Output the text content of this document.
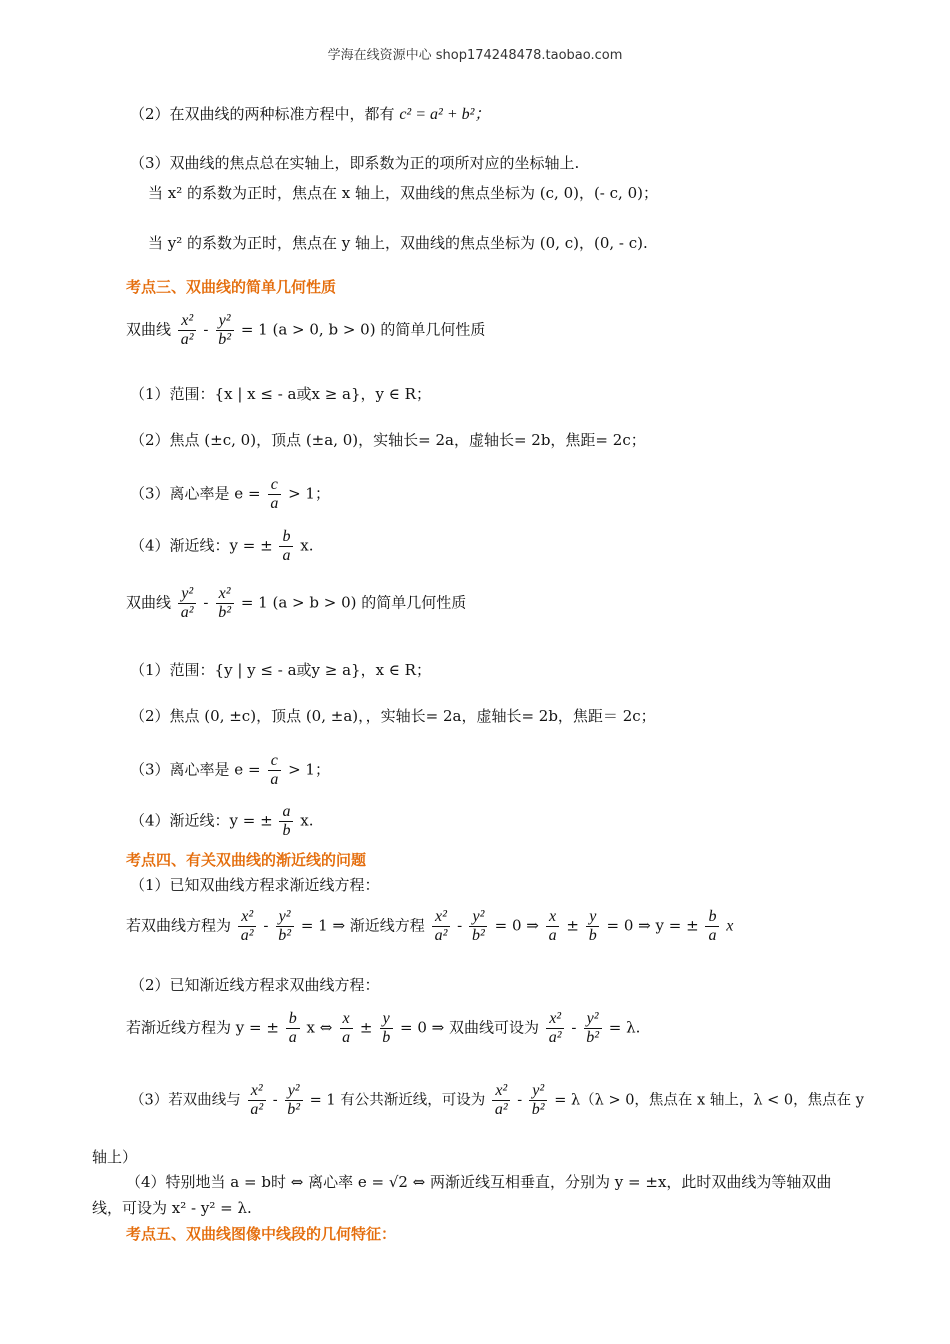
学海在线资源中心 shop174248478.taobao.com
（2）在双曲线的两种标准方程中，都有 c² = a² + b²；
（3）双曲线的焦点总在实轴上，即系数为正的项所对应的坐标轴上.
当 x² 的系数为正时，焦点在 x 轴上，双曲线的焦点坐标为 (c, 0)，(- c, 0)；
当 y² 的系数为正时，焦点在 y 轴上，双曲线的焦点坐标为 (0, c)，(0, - c).
考点三、双曲线的简单几何性质
双曲线 $\frac{\text{x²}}{\text{a²}} - \frac{\text{y²}}{\text{b²}} = 1$ (a > 0, b > 0) 的简单几何性质
（1）范围：{x | x ≤ - a或x ≥ a}，y ∈ R；
（2）焦点 (±c, 0)，顶点 (±a, 0)，实轴长= 2a，虚轴长= 2b，焦距= 2c；
（3）离心率是 $e = \frac{c}{a} > 1$；
（4）渐近线：y = ± $\frac{b}{a} x$.
双曲线 $\frac{\text{y²}}{\text{a²}} - \frac{\text{x²}}{\text{b²}} = 1$ (a > b > 0) 的简单几何性质
（1）范围：{y | y ≤ - a或y ≥ a}，x ∈ R；
（2）焦点 (0, ±c)，顶点 (0, ±a)，，实轴长= 2a，虚轴长= 2b，焦距＝ 2c；
（3）离心率是 $e = \frac{c}{a} > 1$；
（4）渐近线：y = ± $\frac{a}{b} x$.
考点四、有关双曲线的渐近线的问题
（1）已知双曲线方程求渐近线方程：
若双曲线方程为 $\frac{\text{x²}}{\text{a²}} - \frac{\text{y²}}{\text{b²}} = 1$ ⇒ 渐近线方程 $\frac{\text{x²}}{\text{a²}} - \frac{\text{y²}}{\text{b²}} = 0$ ⇒ $\frac{x}{a} \pm \frac{y}{b} = 0$ ⇒ y = ± $\frac{b}{a}$ x
（2）已知渐近线方程求双曲线方程：
若渐近线方程为 y = ± $\frac{b}{a}$ x ⇔ $\frac{x}{a} \pm \frac{y}{b} = 0$ ⇒ 双曲线可设为 $\frac{\text{x²}}{\text{a²}} - \frac{\text{y²}}{\text{b²}} = \lambda$.
（3）若双曲线与 $\frac{\text{x²}}{\text{a²}} - \frac{\text{y²}}{\text{b²}} = 1$ 有公共渐近线，可设为 $\frac{\text{x²}}{\text{a²}} - \frac{\text{y²}}{\text{b²}} = \lambda(\lambda > 0$，焦点在 x 轴上，λ < 0，焦点在 y
轴上）
（4）特别地当 a = b时 ⇔ 离心率 e = √2 ⇔ 两渐近线互相垂直，分别为 y = ±x，此时双曲线为等轴双曲
线，可设为 x² - y² = λ.
考点五、双曲线图像中线段的几何特征：
